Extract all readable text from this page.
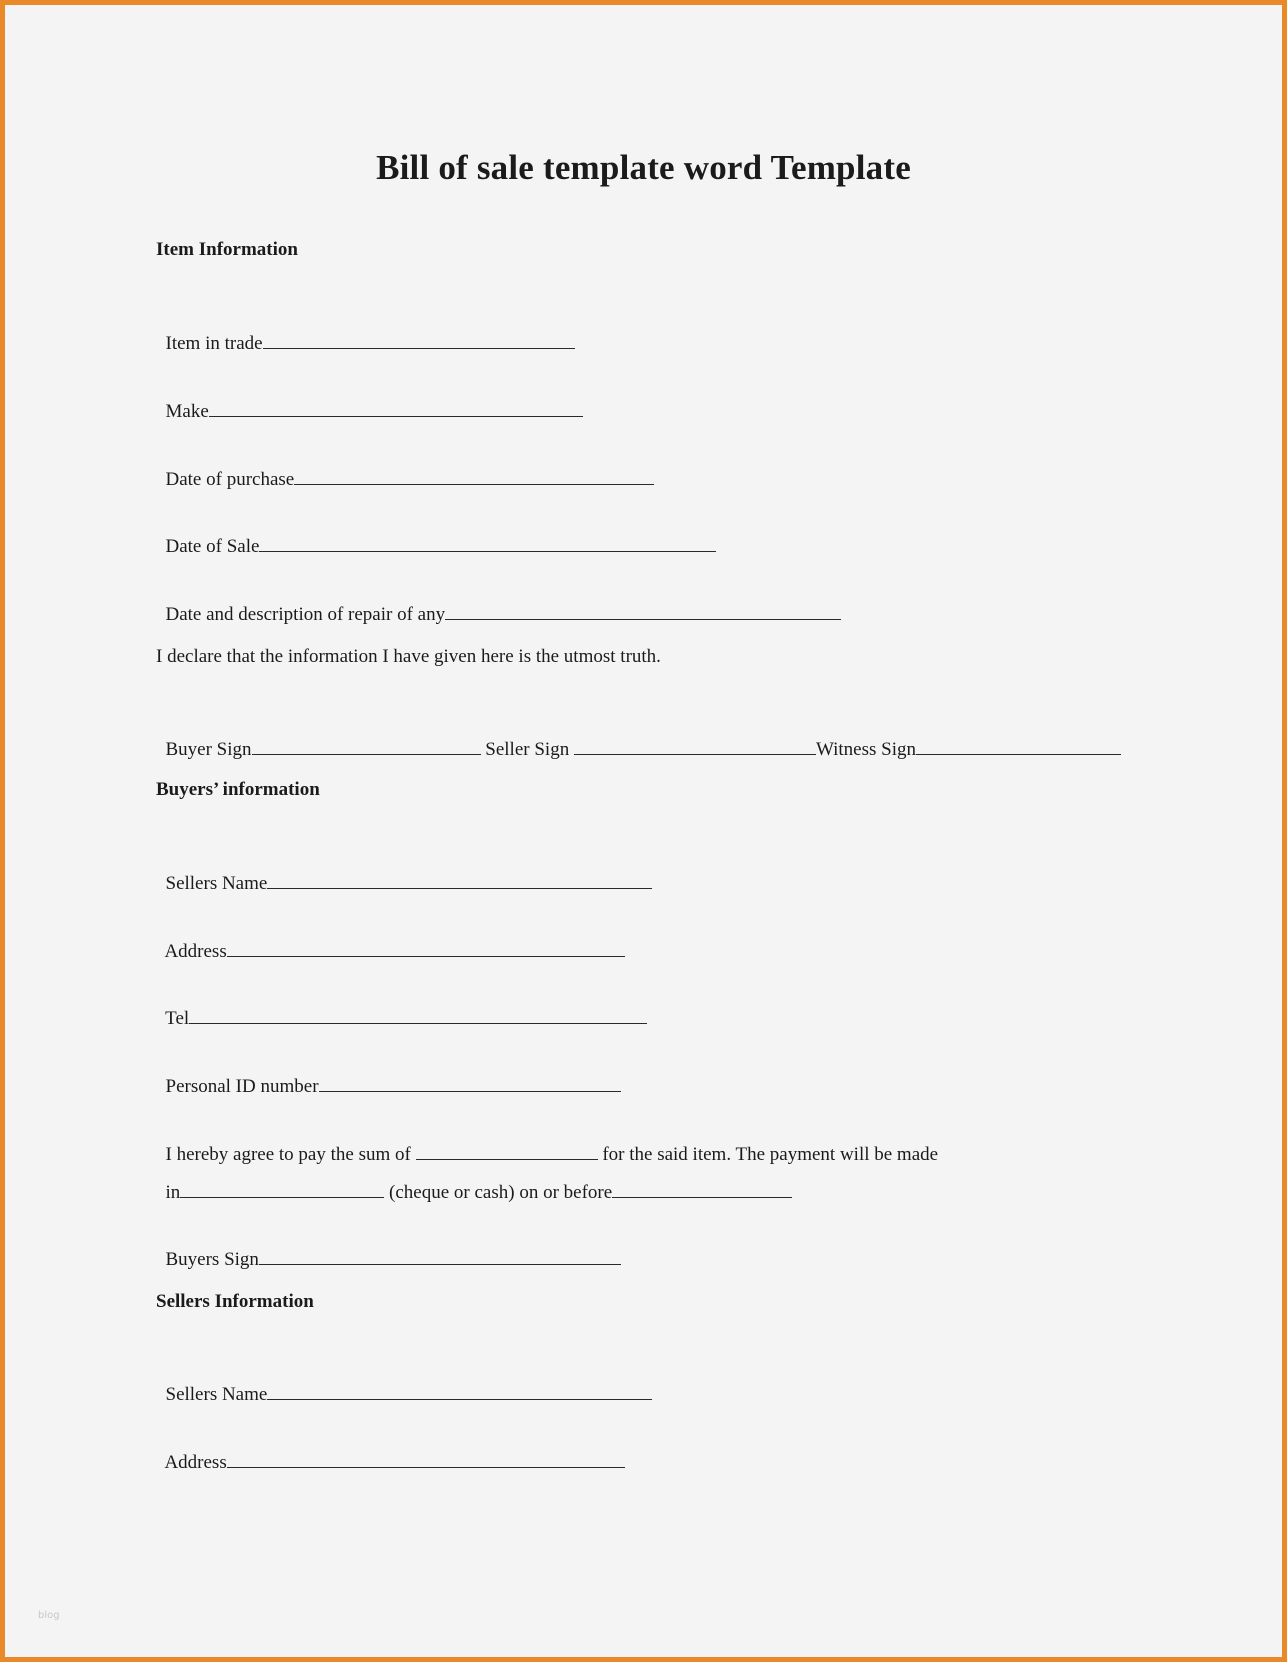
Bill of sale template word Template
Item Information

Item in trade

Make

Date of purchase

Date of Sale

Date and description of repair of any

I declare that the information I have given here is the utmost truth.

Buyer Sign	Seller Sign	Witness Sign

Buyers’ information

Sellers Name

Address

Tel

Personal ID number

I hereby agree to pay the sum of	for the said item. The payment will be made

in	(cheque or cash) on or before

Buyers Sign

Sellers Information

Sellers Name

Address

blog
